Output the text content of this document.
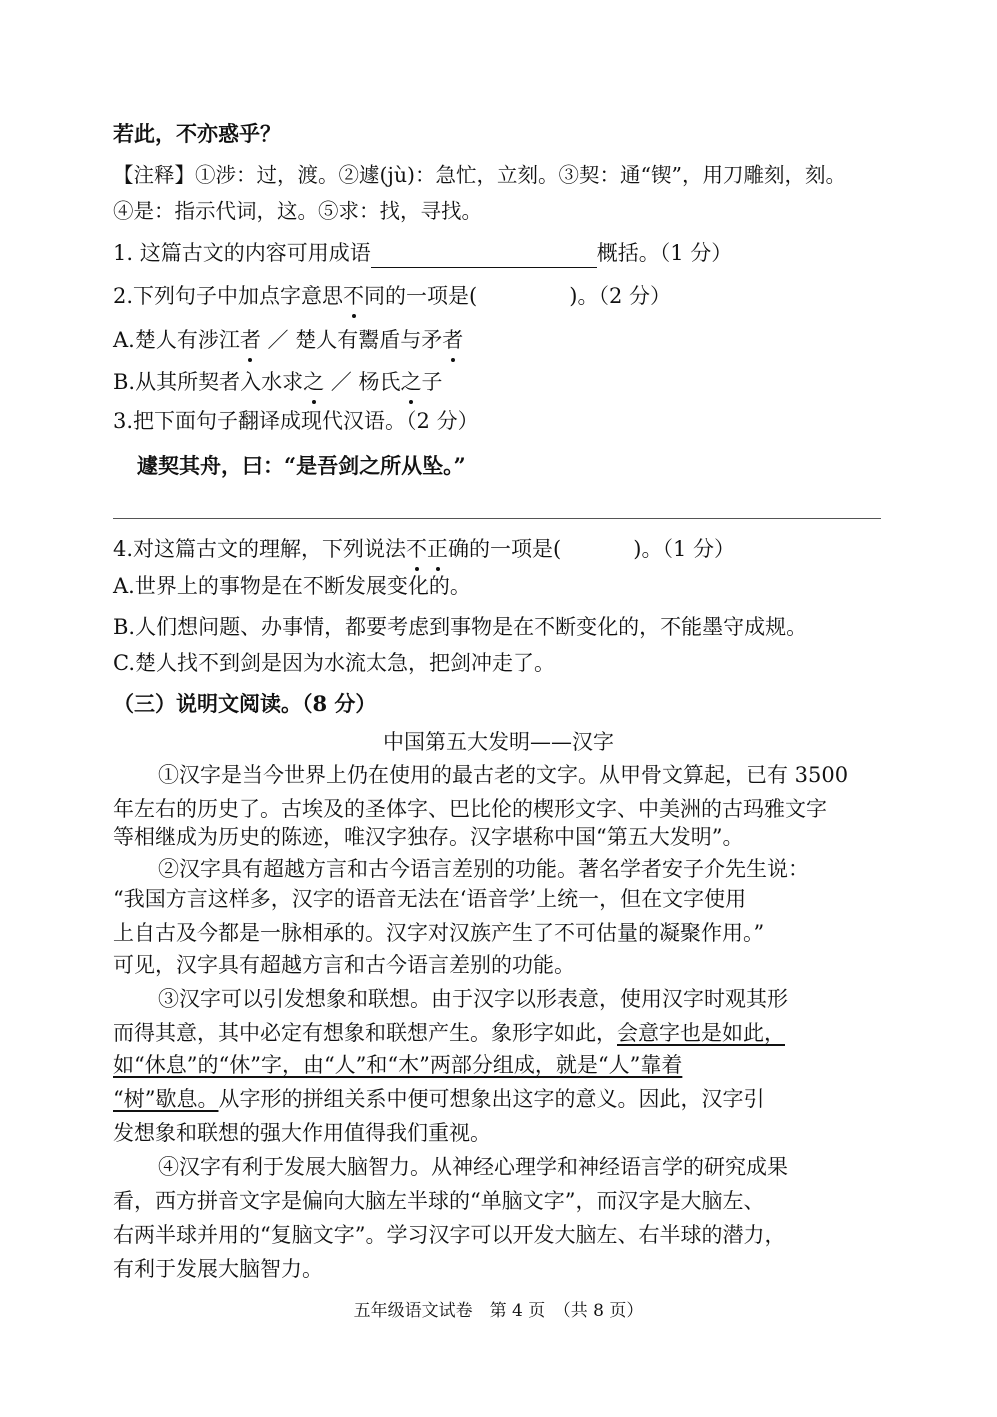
若此，不亦惑乎？
【注释】①涉：过，渡。②遽(jù)：急忙，立刻。③契：通“锲”，用刀雕刻，刻。
④是：指示代词，这。⑤求：找，寻找。
1. 这篇古文的内容可用成语	概括。（1 分）
2.下列句子中加点字意思不同的一项是(	)。（2 分）
A.楚人有涉江者 ／ 楚人有鬻盾与矛者
B.从其所契者入水求之 ／ 杨氏之子
3.把下面句子翻译成现代汉语。（2 分）
遽契其舟，曰：“是吾剑之所从坠。”
4.对这篇古文的理解，下列说法不正确的一项是(	)。（1 分）
A.世界上的事物是在不断发展变化的。
B.人们想问题、办事情，都要考虑到事物是在不断变化的，不能墨守成规。
C.楚人找不到剑是因为水流太急，把剑冲走了。
（三）说明文阅读。（8 分）
中国第五大发明——汉字
①汉字是当今世界上仍在使用的最古老的文字。从甲骨文算起，已有 3500
年左右的历史了。古埃及的圣体字、巴比伦的楔形文字、中美洲的古玛雅文字
等相继成为历史的陈迹，唯汉字独存。汉字堪称中国“第五大发明”。
②汉字具有超越方言和古今语言差别的功能。著名学者安子介先生说：
“我国方言这样多，汉字的语音无法在‘语音学’上统一，但在文字使用
上自古及今都是一脉相承的。汉字对汉族产生了不可估量的凝聚作用。”
可见，汉字具有超越方言和古今语言差别的功能。
③汉字可以引发想象和联想。由于汉字以形表意，使用汉字时观其形
而得其意，其中必定有想象和联想产生。象形字如此，会意字也是如此，
如“休息”的“休”字，由“人”和“木”两部分组成，就是“人”靠着
“树”歇息。从字形的拼组关系中便可想象出这字的意义。因此，汉字引
发想象和联想的强大作用值得我们重视。
④汉字有利于发展大脑智力。从神经心理学和神经语言学的研究成果
看，西方拼音文字是偏向大脑左半球的“单脑文字”，而汉字是大脑左、
右两半球并用的“复脑文字”。学习汉字可以开发大脑左、右半球的潜力，
有利于发展大脑智力。
五年级语文试卷　第 4 页　（共 8 页）
